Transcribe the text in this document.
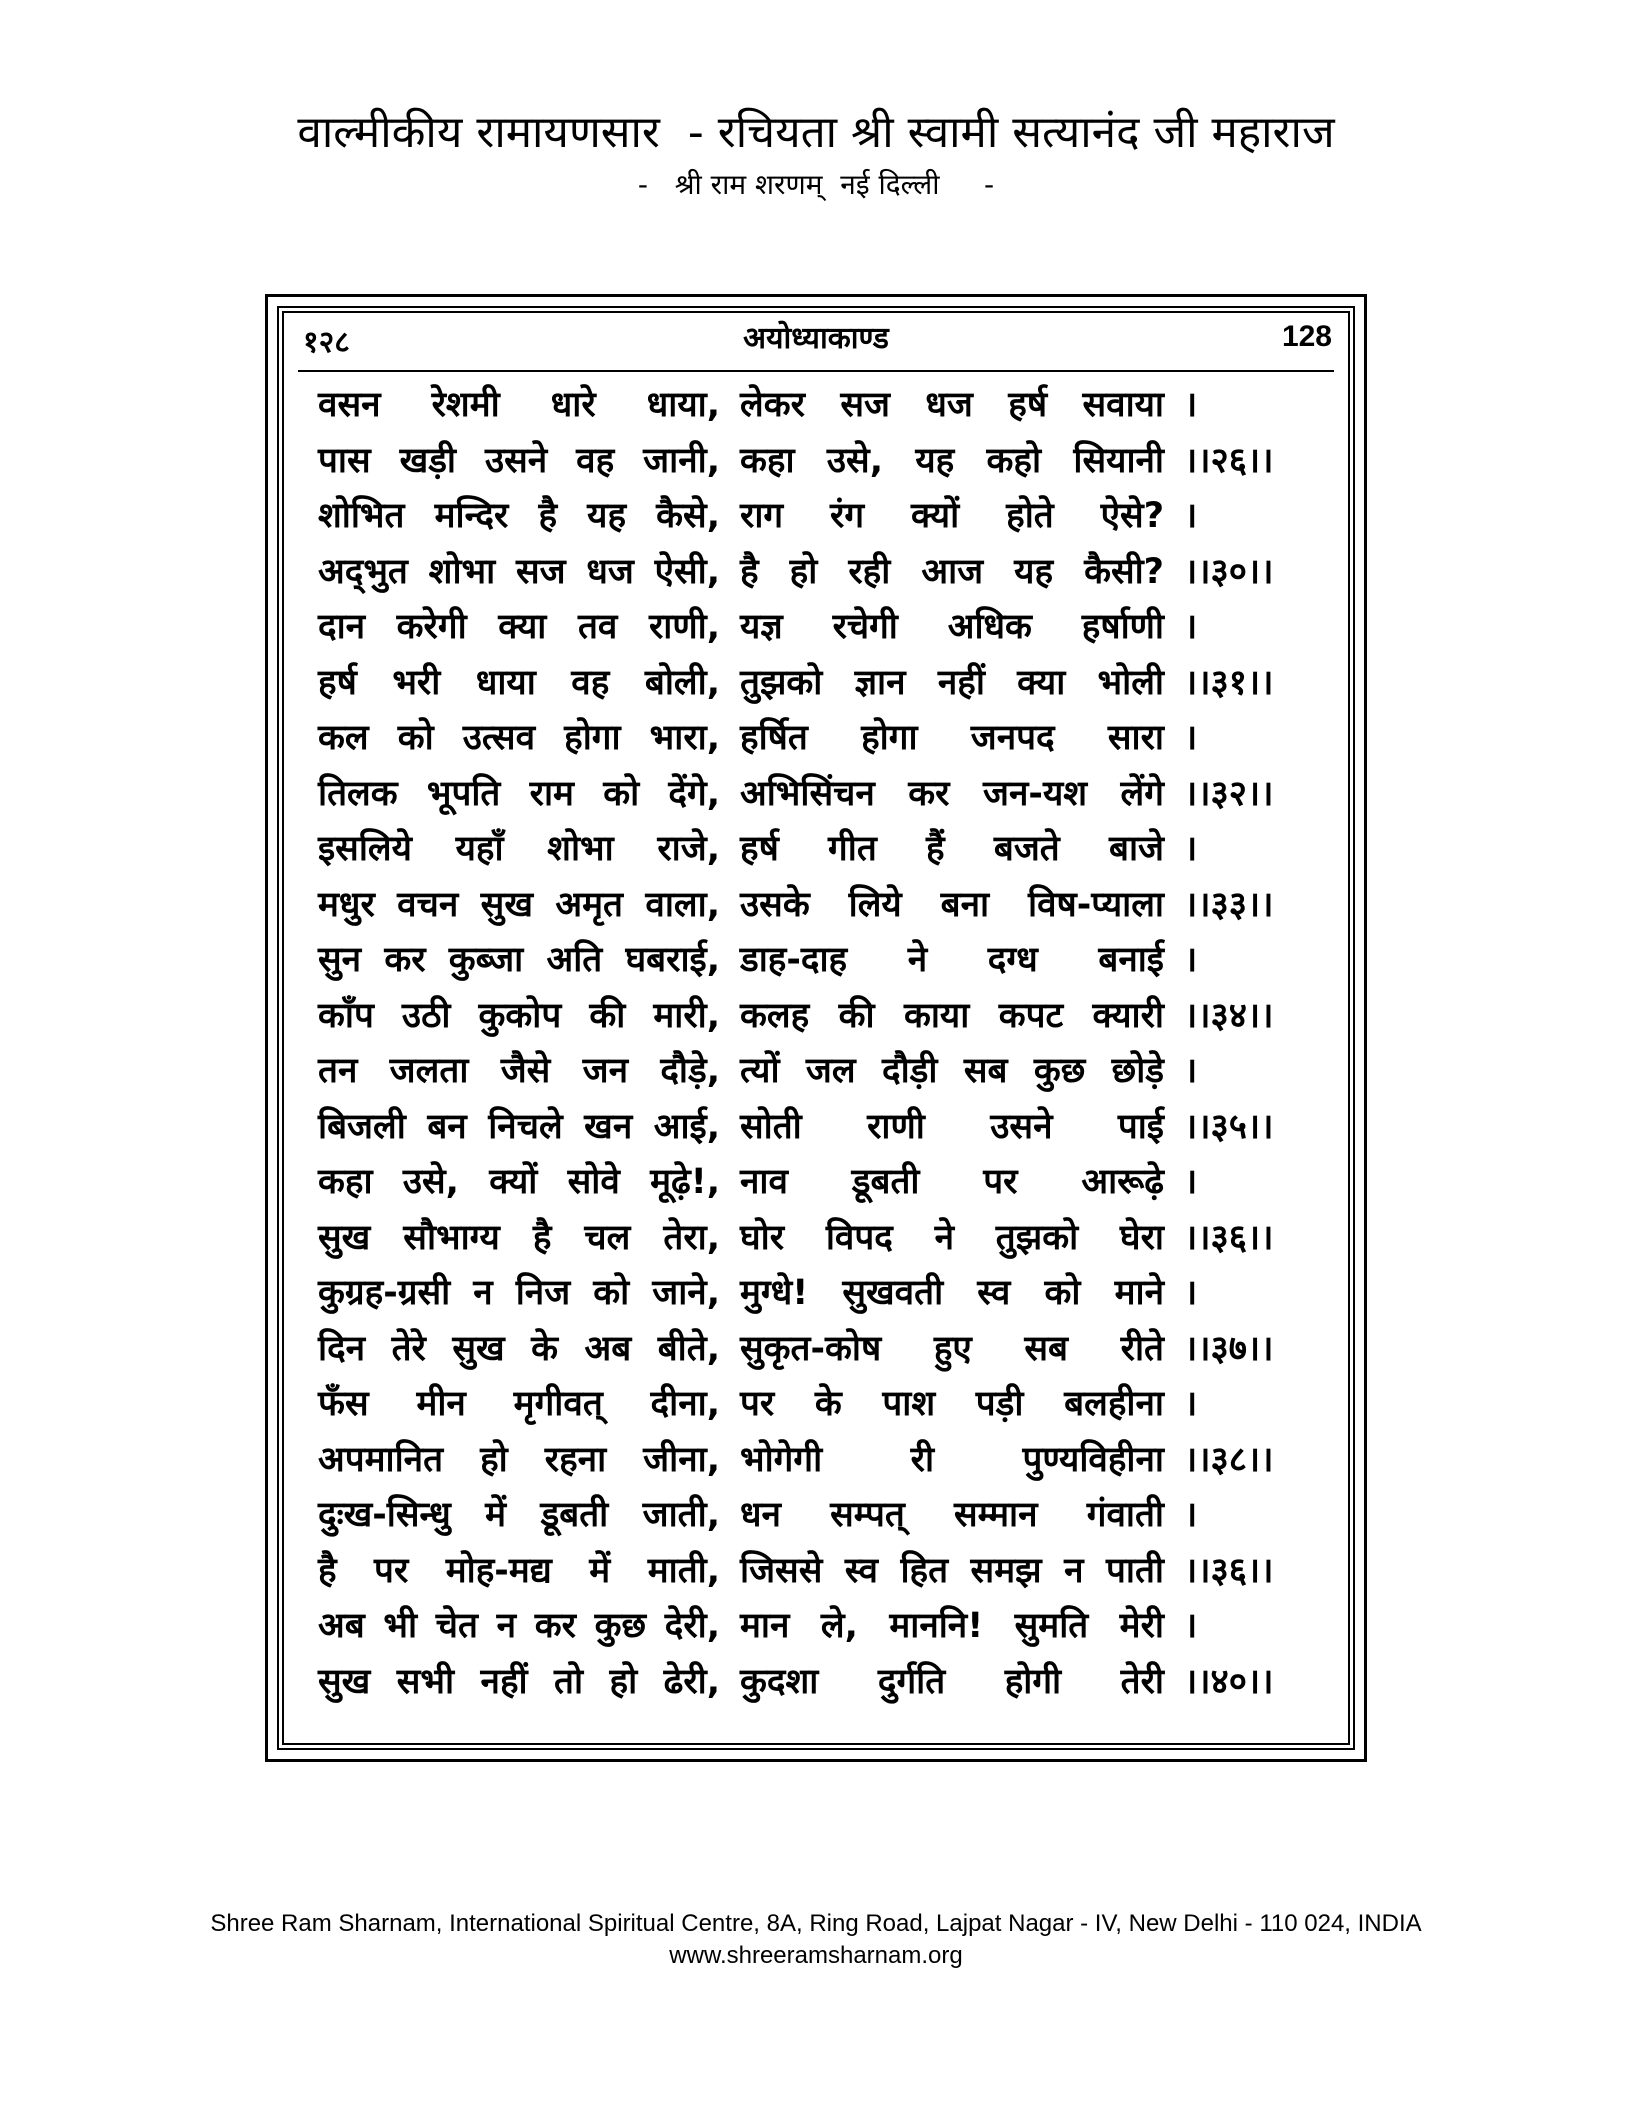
वाल्मीकीय रामायणसार  - रचियता श्री स्वामी सत्यानंद जी महाराज
-   श्री राम शरणम्  नई दिल्ली     -
१२८	अयोध्याकाण्ड	128
वसन रेशमी धारे धाया, लेकर सज धज हर्ष सवाया ।
पास खड़ी उसने वह जानी, कहा उसे, यह कहो सियानी ।।२६।।
शोभित मन्दिर है यह कैसे, राग रंग क्यों होते ऐसे? ।
अद्‌भुत शोभा सज धज ऐसी, है हो रही आज यह कैसी? ।।३०।।
दान करेगी क्या तव राणी, यज्ञ रचेगी अधिक हर्षाणी ।
हर्ष भरी धाया वह बोली, तुझको ज्ञान नहीं क्या भोली ।।३१।।
कल को उत्सव होगा भारा, हर्षित होगा जनपद सारा ।
तिलक भूपति राम को देंगे, अभिसिंचन कर जन-यश लेंगे ।।३२।।
इसलिये यहाँ शोभा राजे, हर्ष गीत हैं बजते बाजे ।
मधुर वचन सुख अमृत वाला, उसके लिये बना विष-प्याला ।।३३।।
सुन कर कुब्जा अति घबराई, डाह-दाह ने दग्ध बनाई ।
काँप उठी कुकोप की मारी, कलह की काया कपट क्यारी ।।३४।।
तन जलता जैसे जन दौड़े, त्यों जल दौड़ी सब कुछ छोड़े ।
बिजली बन निचले खन आई, सोती राणी उसने पाई ।।३५।।
कहा उसे, क्यों सोवे मूढ़े!, नाव डूबती पर आरूढ़े ।
सुख सौभाग्य है चल तेरा, घोर विपद ने तुझको घेरा ।।३६।।
कुग्रह-ग्रसी न निज को जाने, मुग्धे! सुखवती स्व को माने ।
दिन तेरे सुख के अब बीते, सुकृत-कोष हुए सब रीते ।।३७।।
फँस मीन मृगीवत् दीना, पर के पाश पड़ी बलहीना ।
अपमानित हो रहना जीना, भोगेगी री पुण्यविहीना ।।३८।।
दुःख-सिन्धु में डूबती जाती, धन सम्पत् सम्मान गंवाती ।
है पर मोह-मद्य में माती, जिससे स्व हित समझ न पाती ।।३६।।
अब भी चेत न कर कुछ देरी, मान ले, माननि! सुमति मेरी ।
सुख सभी नहीं तो हो ढेरी, कुदशा दुर्गति होगी तेरी ।।४०।।
Shree Ram Sharnam, International Spiritual Centre, 8A, Ring Road, Lajpat Nagar - IV, New Delhi - 110 024, INDIA
www.shreeramsharnam.org
